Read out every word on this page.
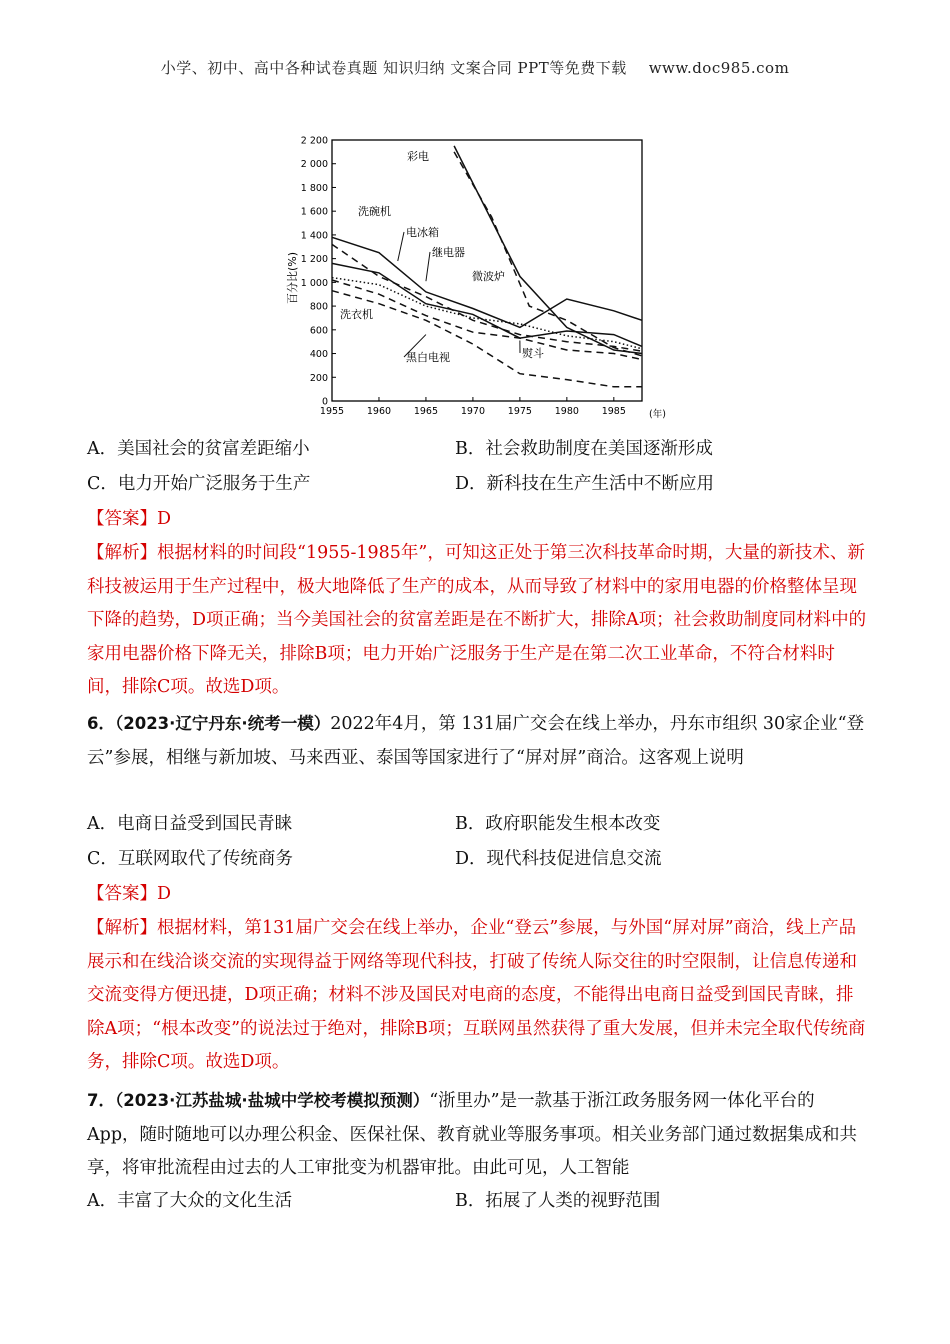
小学、初中、高中各种试卷真题 知识归纳 文案合同 PPT等免费下载 www.doc985.com
0
200
400
600
800
1 000
1 200
1 400
1 600
1 800
2 000
2 200
1955 1960 1965 1970 1975 1980 1985
彩电
洗碗机
电冰箱
继电器
微波炉
洗衣机
黑白电视	熨斗
百分比(%)
(年)
A．美国社会的贫富差距缩小	B．社会救助制度在美国逐渐形成
C．电力开始广泛服务于生产	D．新科技在生产生活中不断应用
【答案】D
【解析】根据材料的时间段“1955-1985年”，可知这正处于第三次科技革命时期，大量的新技术、新科技被运用于生产过程中，极大地降低了生产的成本，从而导致了材料中的家用电器的价格整体呈现下降的趋势，D项正确；当今美国社会的贫富差距是在不断扩大，排除A项；社会救助制度同材料中的家用电器价格下降无关，排除B项；电力开始广泛服务于生产是在第二次工业革命，不符合材料时间，排除C项。故选D项。
6．（2023·辽宁丹东·统考一模）2022年4月，第 131届广交会在线上举办，丹东市组织 30家企业“登云”参展，相继与新加坡、马来西亚、泰国等国家进行了“屏对屏”商洽。这客观上说明
A．电商日益受到国民青睐	B．政府职能发生根本改变
C．互联网取代了传统商务	D．现代科技促进信息交流
【答案】D
【解析】根据材料，第131届广交会在线上举办，企业“登云”参展，与外国“屏对屏”商洽，线上产品展示和在线洽谈交流的实现得益于网络等现代科技，打破了传统人际交往的时空限制，让信息传递和交流变得方便迅捷，D项正确；材料不涉及国民对电商的态度，不能得出电商日益受到国民青睐，排除A项；“根本改变”的说法过于绝对，排除B项；互联网虽然获得了重大发展，但并未完全取代传统商务，排除C项。故选D项。
7．（2023·江苏盐城·盐城中学校考模拟预测）“浙里办”是一款基于浙江政务服务网一体化平台的App，随时随地可以办理公积金、医保社保、教育就业等服务事项。相关业务部门通过数据集成和共享，将审批流程由过去的人工审批变为机器审批。由此可见，人工智能
A．丰富了大众的文化生活	B．拓展了人类的视野范围
